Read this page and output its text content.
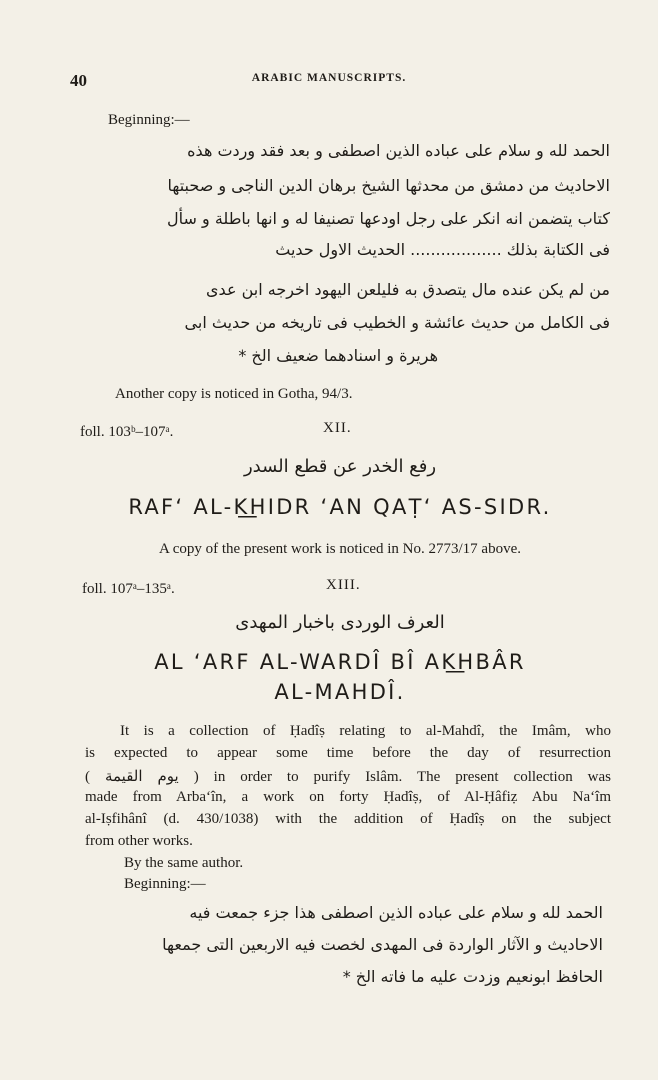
40	ARABIC MANUSCRIPTS.
Beginning:—
الحمد لله و سلام على عباده الذين اصطفى و بعد فقد وردت هذه
الاحاديث من دمشق من محدثها الشيخ برهان الدين الناجى و صحبتها
كتاب يتضمن انه انكر على رجل اودعها تصنيفا له و انها باطلة و سأل
فى الكتابة بذلك .................. الحديث الاول حديث
من لم يكن عنده مال يتصدق به فليلعن اليهود اخرجه ابن عدى
فى الكامل من حديث عائشة و الخطيب فى تاريخه من حديث ابى
هريرة و اسنادهما ضعيف الخ *
Another copy is noticed in Gotha, 94/3.
foll. 103ᵇ–107ᵃ.	XII.
رفع الخدر عن قطع السدر
RAF‘ AL-K͟HIDR ‘AN QAṬ‘ AS-SIDR.
A copy of the present work is noticed in No. 2773/17 above.
foll. 107ᵃ–135ᵃ.	XIII.
العرف الوردى باخبار المهدى
AL ‘ARF AL-WARDÎ BÎ AK͟HBÂR
AL-MAHDÎ.
It is a collection of Ḥadîṣ relating to al-Mahdî, the Imâm, who
is expected to appear some time before the day of resurrection
( يوم القيمة ) in order to purify Islâm. The present collection was
made from Arba‘în, a work on forty Ḥadîṣ, of Al-Ḥâfiẓ Abu Na‘îm
al-Iṣfihânî (d. 430/1038) with the addition of Ḥadîṣ on the subject
from other works.
By the same author.
Beginning:—
الحمد لله و سلام على عباده الذين اصطفى هذا جزء جمعت فيه
الاحاديث و الآثار الواردة فى المهدى لخصت فيه الاربعين التى جمعها
الحافظ ابونعيم وزدت عليه ما فاته الخ *
